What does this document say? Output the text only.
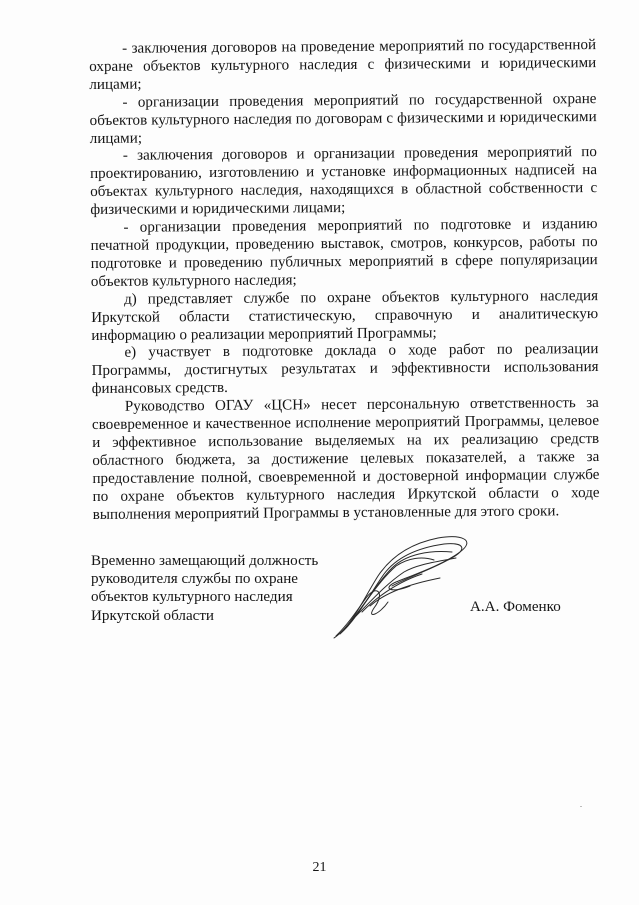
- заключения договоров на проведение мероприятий по государственной охране объектов культурного наследия с физическими и юридическими лицами;

- организации проведения мероприятий по государственной охране объектов культурного наследия по договорам с физическими и юридическими лицами;

- заключения договоров и организации проведения мероприятий по проектированию, изготовлению и установке информационных надписей на объектах культурного наследия, находящихся в областной собственности с физическими и юридическими лицами;

- организации проведения мероприятий по подготовке и изданию печатной продукции, проведению выставок, смотров, конкурсов, работы по подготовке и проведению публичных мероприятий в сфере популяризации объектов культурного наследия;

д) представляет службе по охране объектов культурного наследия Иркутской области статистическую, справочную и аналитическую информацию о реализации мероприятий Программы;

е) участвует в подготовке доклада о ходе работ по реализации Программы, достигнутых результатах и эффективности использования финансовых средств.

Руководство ОГАУ «ЦСН» несет персональную ответственность за своевременное и качественное исполнение мероприятий Программы, целевое и эффективное использование выделяемых на их реализацию средств областного бюджета, за достижение целевых показателей, а также за предоставление полной, своевременной и достоверной информации службе по охране объектов культурного наследия Иркутской области о ходе выполнения мероприятий Программы в установленные для этого сроки.

Временно замещающий должность
руководителя службы по охране
объектов культурного наследия
Иркутской области
А.А. Фоменко
21
